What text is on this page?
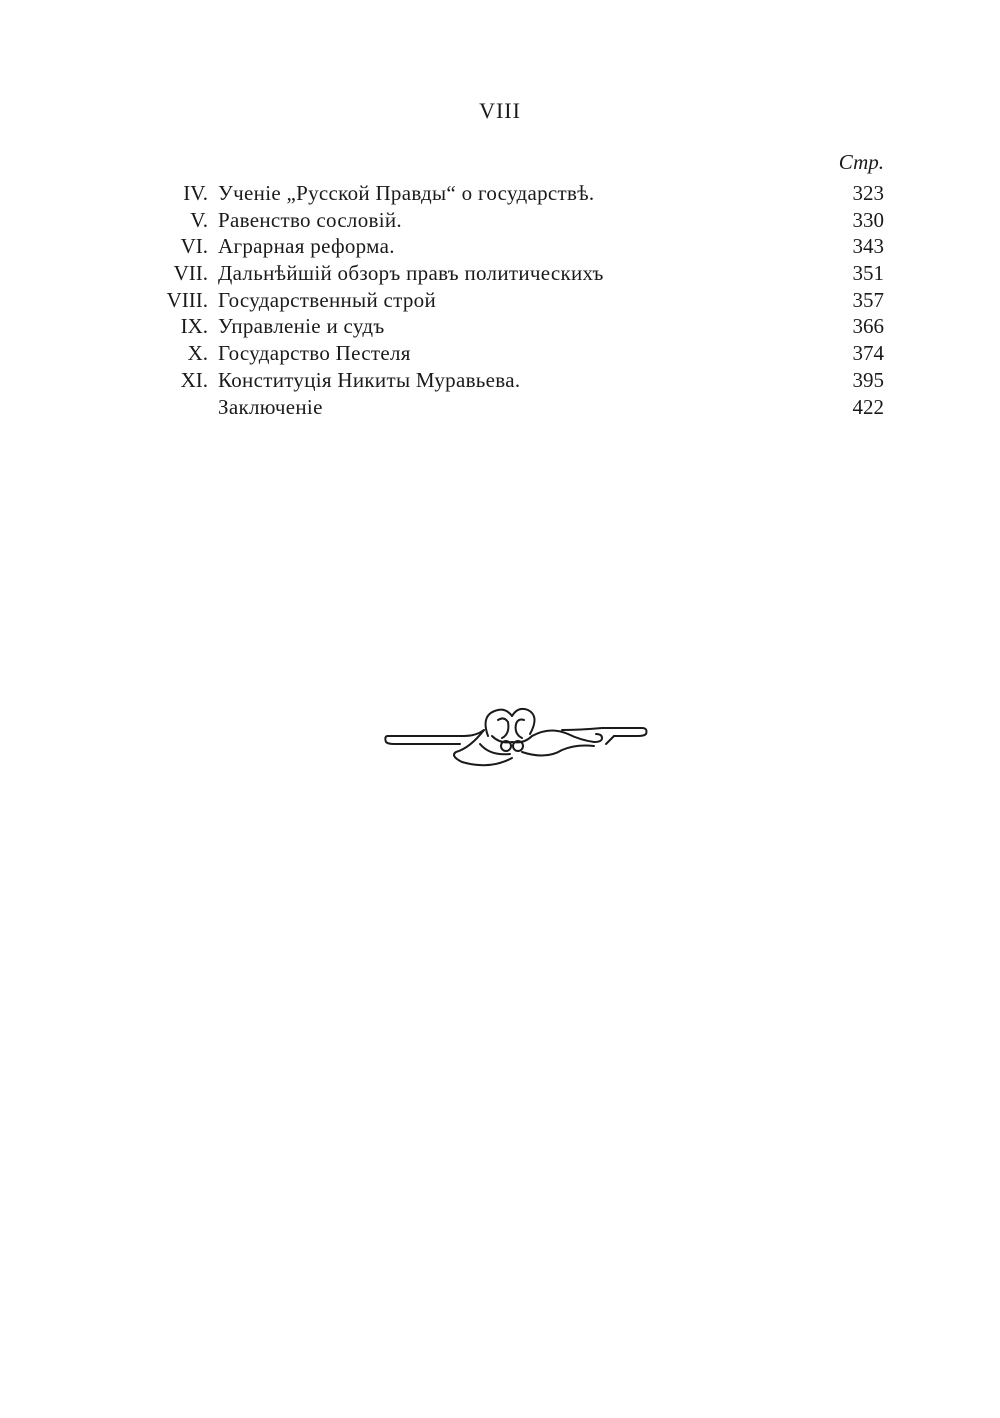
VIII
Стр.
IV. Ученіе „Русской Правды“ о государствѣ.	323
V. Равенство сословій.	330
VI. Аграрная реформа.	343
VII. Дальнѣйшій обзоръ правъ политическихъ	351
VIII. Государственный строй	357
IX. Управленіе и судъ	366
X. Государство Пестеля	374
XI. Конституція Никиты Муравьева.	395
Заключеніе	422
